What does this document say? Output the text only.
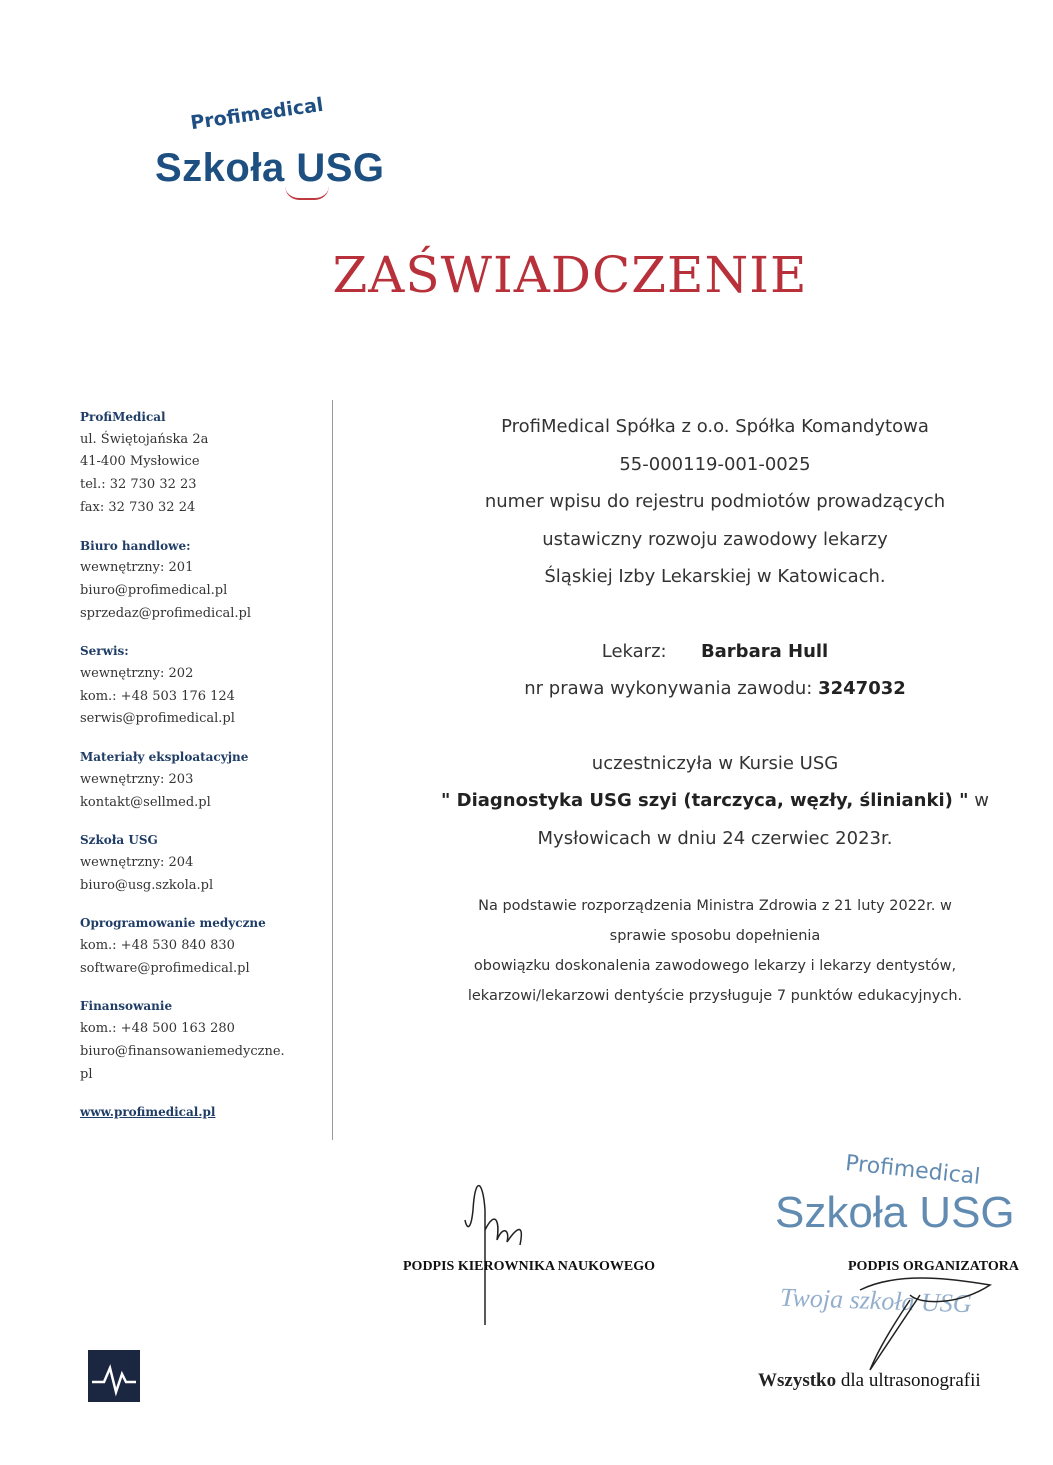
Profimedical
Szkoła USG
ZAŚWIADCZENIE
ProfiMedical
ul. Świętojańska 2a
41-400 Mysłowice
tel.: 32 730 32 23
fax: 32 730 32 24
Biuro handlowe:
wewnętrzny: 201
biuro@profimedical.pl
sprzedaz@profimedical.pl
Serwis:
wewnętrzny: 202
kom.: +48 503 176 124
serwis@profimedical.pl
Materiały eksploatacyjne
wewnętrzny: 203
kontakt@sellmed.pl
Szkoła USG
wewnętrzny: 204
biuro@usg.szkola.pl
Oprogramowanie medyczne
kom.: +48 530 840 830
software@profimedical.pl
Finansowanie
kom.: +48 500 163 280
biuro@finansowaniemedyczne.
pl
www.profimedical.pl
ProfiMedical Spółka z o.o. Spółka Komandytowa
55-000119-001-0025
numer wpisu do rejestru podmiotów prowadzących
ustawiczny rozwoju zawodowy lekarzy
Śląskiej Izby Lekarskiej w Katowicach.
Lekarz: Barbara Hull
nr prawa wykonywania zawodu: 3247032
uczestniczyła w Kursie USG
" Diagnostyka USG szyi (tarczyca, węzły, ślinianki) " w
Mysłowicach w dniu 24 czerwiec 2023r.
Na podstawie rozporządzenia Ministra Zdrowia z 21 luty 2022r. w
sprawie sposobu dopełnienia
obowiązku doskonalenia zawodowego lekarzy i lekarzy dentystów,
lekarzowi/lekarzowi dentyście przysługuje 7 punktów edukacyjnych.
PODPIS KIEROWNIKA NAUKOWEGO
Profimedical
Szkoła USG
Twoja szkoła USG
PODPIS ORGANIZATORA
Wszystko dla ultrasonografii
